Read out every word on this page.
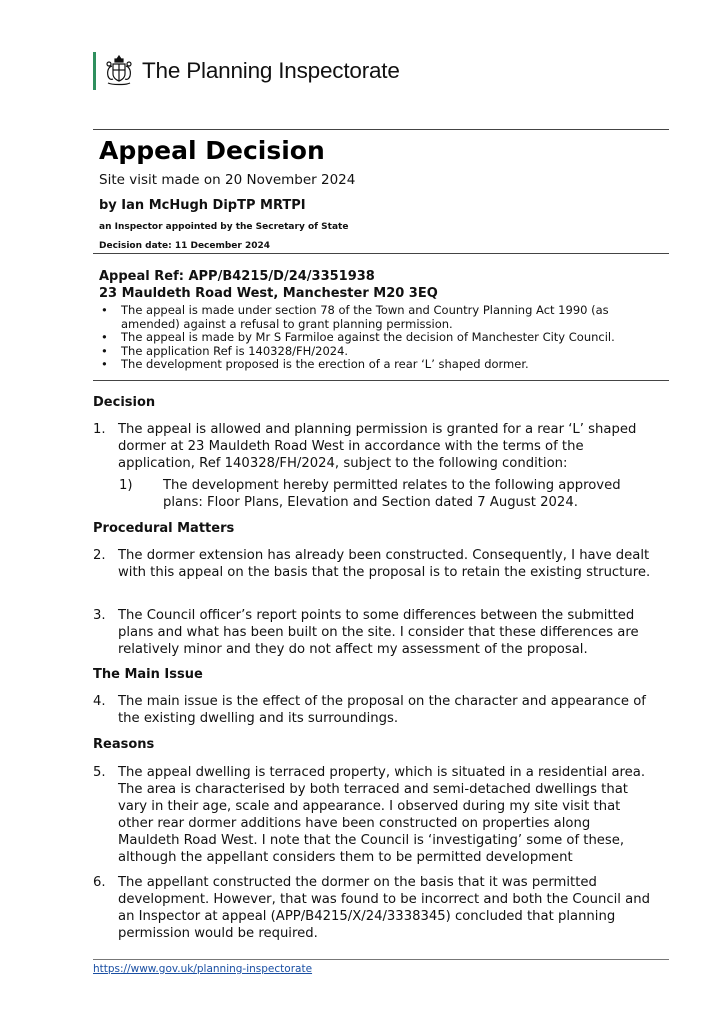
The Planning Inspectorate
Appeal Decision
Site visit made on 20 November 2024
by Ian McHugh DipTP MRTPI
an Inspector appointed by the Secretary of State
Decision date: 11 December 2024
Appeal Ref: APP/B4215/D/24/3351938
23 Mauldeth Road West, Manchester M20 3EQ
• The appeal is made under section 78 of the Town and Country Planning Act 1990 (as amended) against a refusal to grant planning permission.
• The appeal is made by Mr S Farmiloe against the decision of Manchester City Council.
• The application Ref is 140328/FH/2024.
• The development proposed is the erection of a rear ‘L’ shaped dormer.
Decision
1. The appeal is allowed and planning permission is granted for a rear ‘L’ shaped dormer at 23 Mauldeth Road West in accordance with the terms of the application, Ref 140328/FH/2024, subject to the following condition:
1) The development hereby permitted relates to the following approved plans: Floor Plans, Elevation and Section dated 7 August 2024.
Procedural Matters
2. The dormer extension has already been constructed. Consequently, I have dealt with this appeal on the basis that the proposal is to retain the existing structure.
3. The Council officer’s report points to some differences between the submitted plans and what has been built on the site. I consider that these differences are relatively minor and they do not affect my assessment of the proposal.
The Main Issue
4. The main issue is the effect of the proposal on the character and appearance of the existing dwelling and its surroundings.
Reasons
5. The appeal dwelling is terraced property, which is situated in a residential area. The area is characterised by both terraced and semi-detached dwellings that vary in their age, scale and appearance. I observed during my site visit that other rear dormer additions have been constructed on properties along Mauldeth Road West. I note that the Council is ‘investigating’ some of these, although the appellant considers them to be permitted development
6. The appellant constructed the dormer on the basis that it was permitted development. However, that was found to be incorrect and both the Council and an Inspector at appeal (APP/B4215/X/24/3338345) concluded that planning permission would be required.
https://www.gov.uk/planning-inspectorate
